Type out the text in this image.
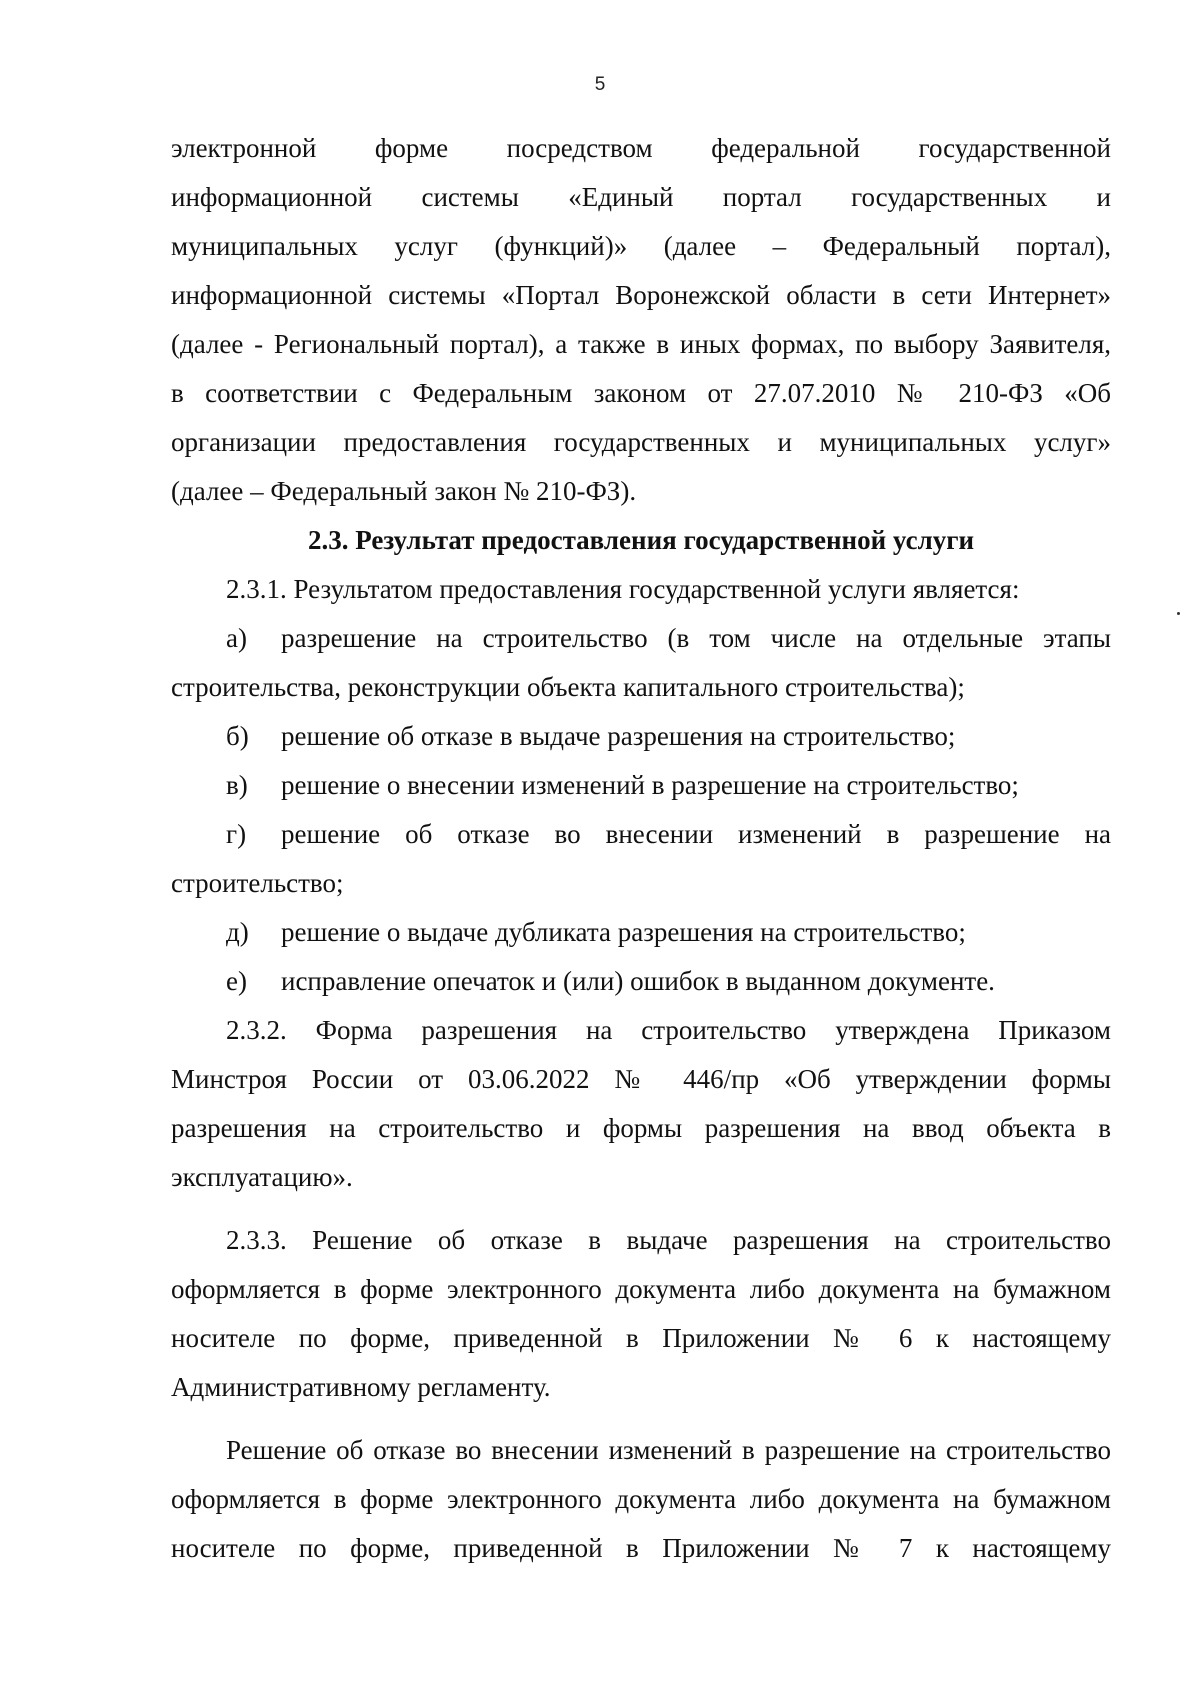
5
электронной форме посредством федеральной государственной
информационной системы «Единый портал государственных и
муниципальных услуг (функций)» (далее – Федеральный портал),
информационной системы «Портал Воронежской области в сети Интернет»
(далее - Региональный портал), а также в иных формах, по выбору Заявителя,
в соответствии с Федеральным законом от 27.07.2010 № 210-ФЗ «Об
организации предоставления государственных и муниципальных услуг»
(далее – Федеральный закон № 210-ФЗ).
2.3. Результат предоставления государственной услуги
2.3.1. Результатом предоставления государственной услуги является:
а)	разрешение на строительство (в том числе на отдельные этапы
строительства, реконструкции объекта капитального строительства);
б)	решение об отказе в выдаче разрешения на строительство;
в)	решение о внесении изменений в разрешение на строительство;
г)	решение об отказе во внесении изменений в разрешение на
строительство;
д)	решение о выдаче дубликата разрешения на строительство;
е)	исправление опечаток и (или) ошибок в выданном документе.
2.3.2. Форма разрешения на строительство утверждена Приказом
Минстроя России от 03.06.2022 № 446/пр «Об утверждении формы
разрешения на строительство и формы разрешения на ввод объекта в
эксплуатацию».
2.3.3. Решение об отказе в выдаче разрешения на строительство
оформляется в форме электронного документа либо документа на бумажном
носителе по форме, приведенной в Приложении № 6 к настоящему
Административному регламенту.
Решение об отказе во внесении изменений в разрешение на строительство
оформляется в форме электронного документа либо документа на бумажном
носителе по форме, приведенной в Приложении № 7 к настоящему
